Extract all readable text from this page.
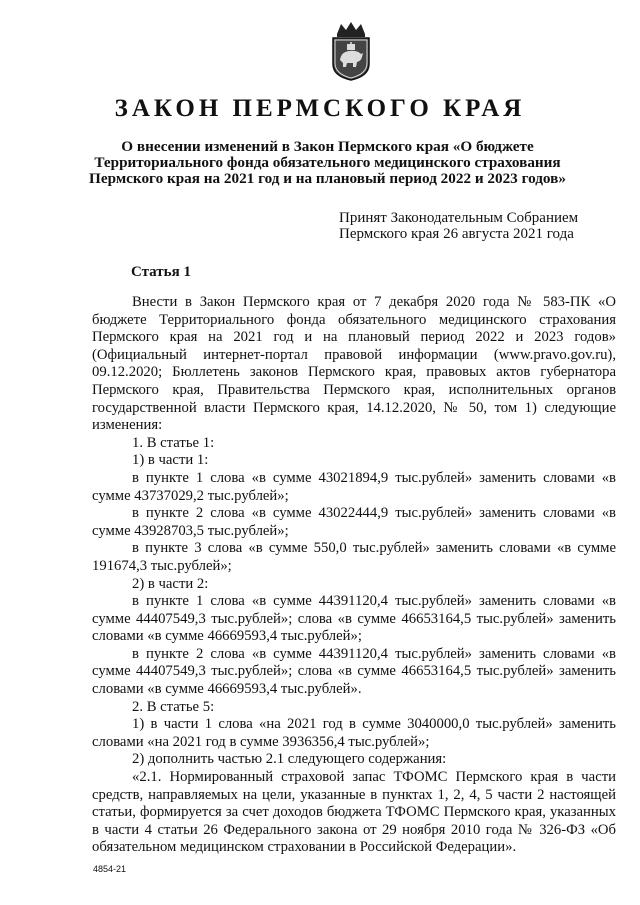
ЗАКОН ПЕРМСКОГО КРАЯ
О внесении изменений в Закон Пермского края «О бюджете Территориального фонда обязательного медицинского страхования Пермского края на 2021 год и на плановый период 2022 и 2023 годов»
Принят Законодательным Собранием
Пермского края 26 августа 2021 года
Статья 1

Внести в Закон Пермского края от 7 декабря 2020 года № 583-ПК «О бюджете Территориального фонда обязательного медицинского страхования Пермского края на 2021 год и на плановый период 2022 и 2023 годов» (Официальный интернет-портал правовой информации (www.pravo.gov.ru), 09.12.2020; Бюллетень законов Пермского края, правовых актов губернатора Пермского края, Правительства Пермского края, исполнительных органов государственной власти Пермского края, 14.12.2020, № 50, том 1) следующие изменения:

1. В статье 1:

1) в части 1:

в пункте 1 слова «в сумме 43021894,9 тыс.рублей» заменить словами «в сумме 43737029,2 тыс.рублей»;

в пункте 2 слова «в сумме 43022444,9 тыс.рублей» заменить словами «в сумме 43928703,5 тыс.рублей»;

в пункте 3 слова «в сумме 550,0 тыс.рублей» заменить словами «в сумме 191674,3 тыс.рублей»;

2) в части 2:

в пункте 1 слова «в сумме 44391120,4 тыс.рублей» заменить словами «в сумме 44407549,3 тыс.рублей»; слова «в сумме 46653164,5 тыс.рублей» заменить словами «в сумме 46669593,4 тыс.рублей»;

в пункте 2 слова «в сумме 44391120,4 тыс.рублей» заменить словами «в сумме 44407549,3 тыс.рублей»; слова «в сумме 46653164,5 тыс.рублей» заменить словами «в сумме 46669593,4 тыс.рублей».

2. В статье 5:

1) в части 1 слова «на 2021 год в сумме 3040000,0 тыс.рублей» заменить словами «на 2021 год в сумме 3936356,4 тыс.рублей»;

2) дополнить частью 2.1 следующего содержания:

«2.1. Нормированный страховой запас ТФОМС Пермского края в части средств, направляемых на цели, указанные в пунктах 1, 2, 4, 5 части 2 настоящей статьи, формируется за счет доходов бюджета ТФОМС Пермского края, указанных в части 4 статьи 26 Федерального закона от 29 ноября 2010 года № 326-ФЗ «Об обязательном медицинском страховании в Российской Федерации».

4854-21
